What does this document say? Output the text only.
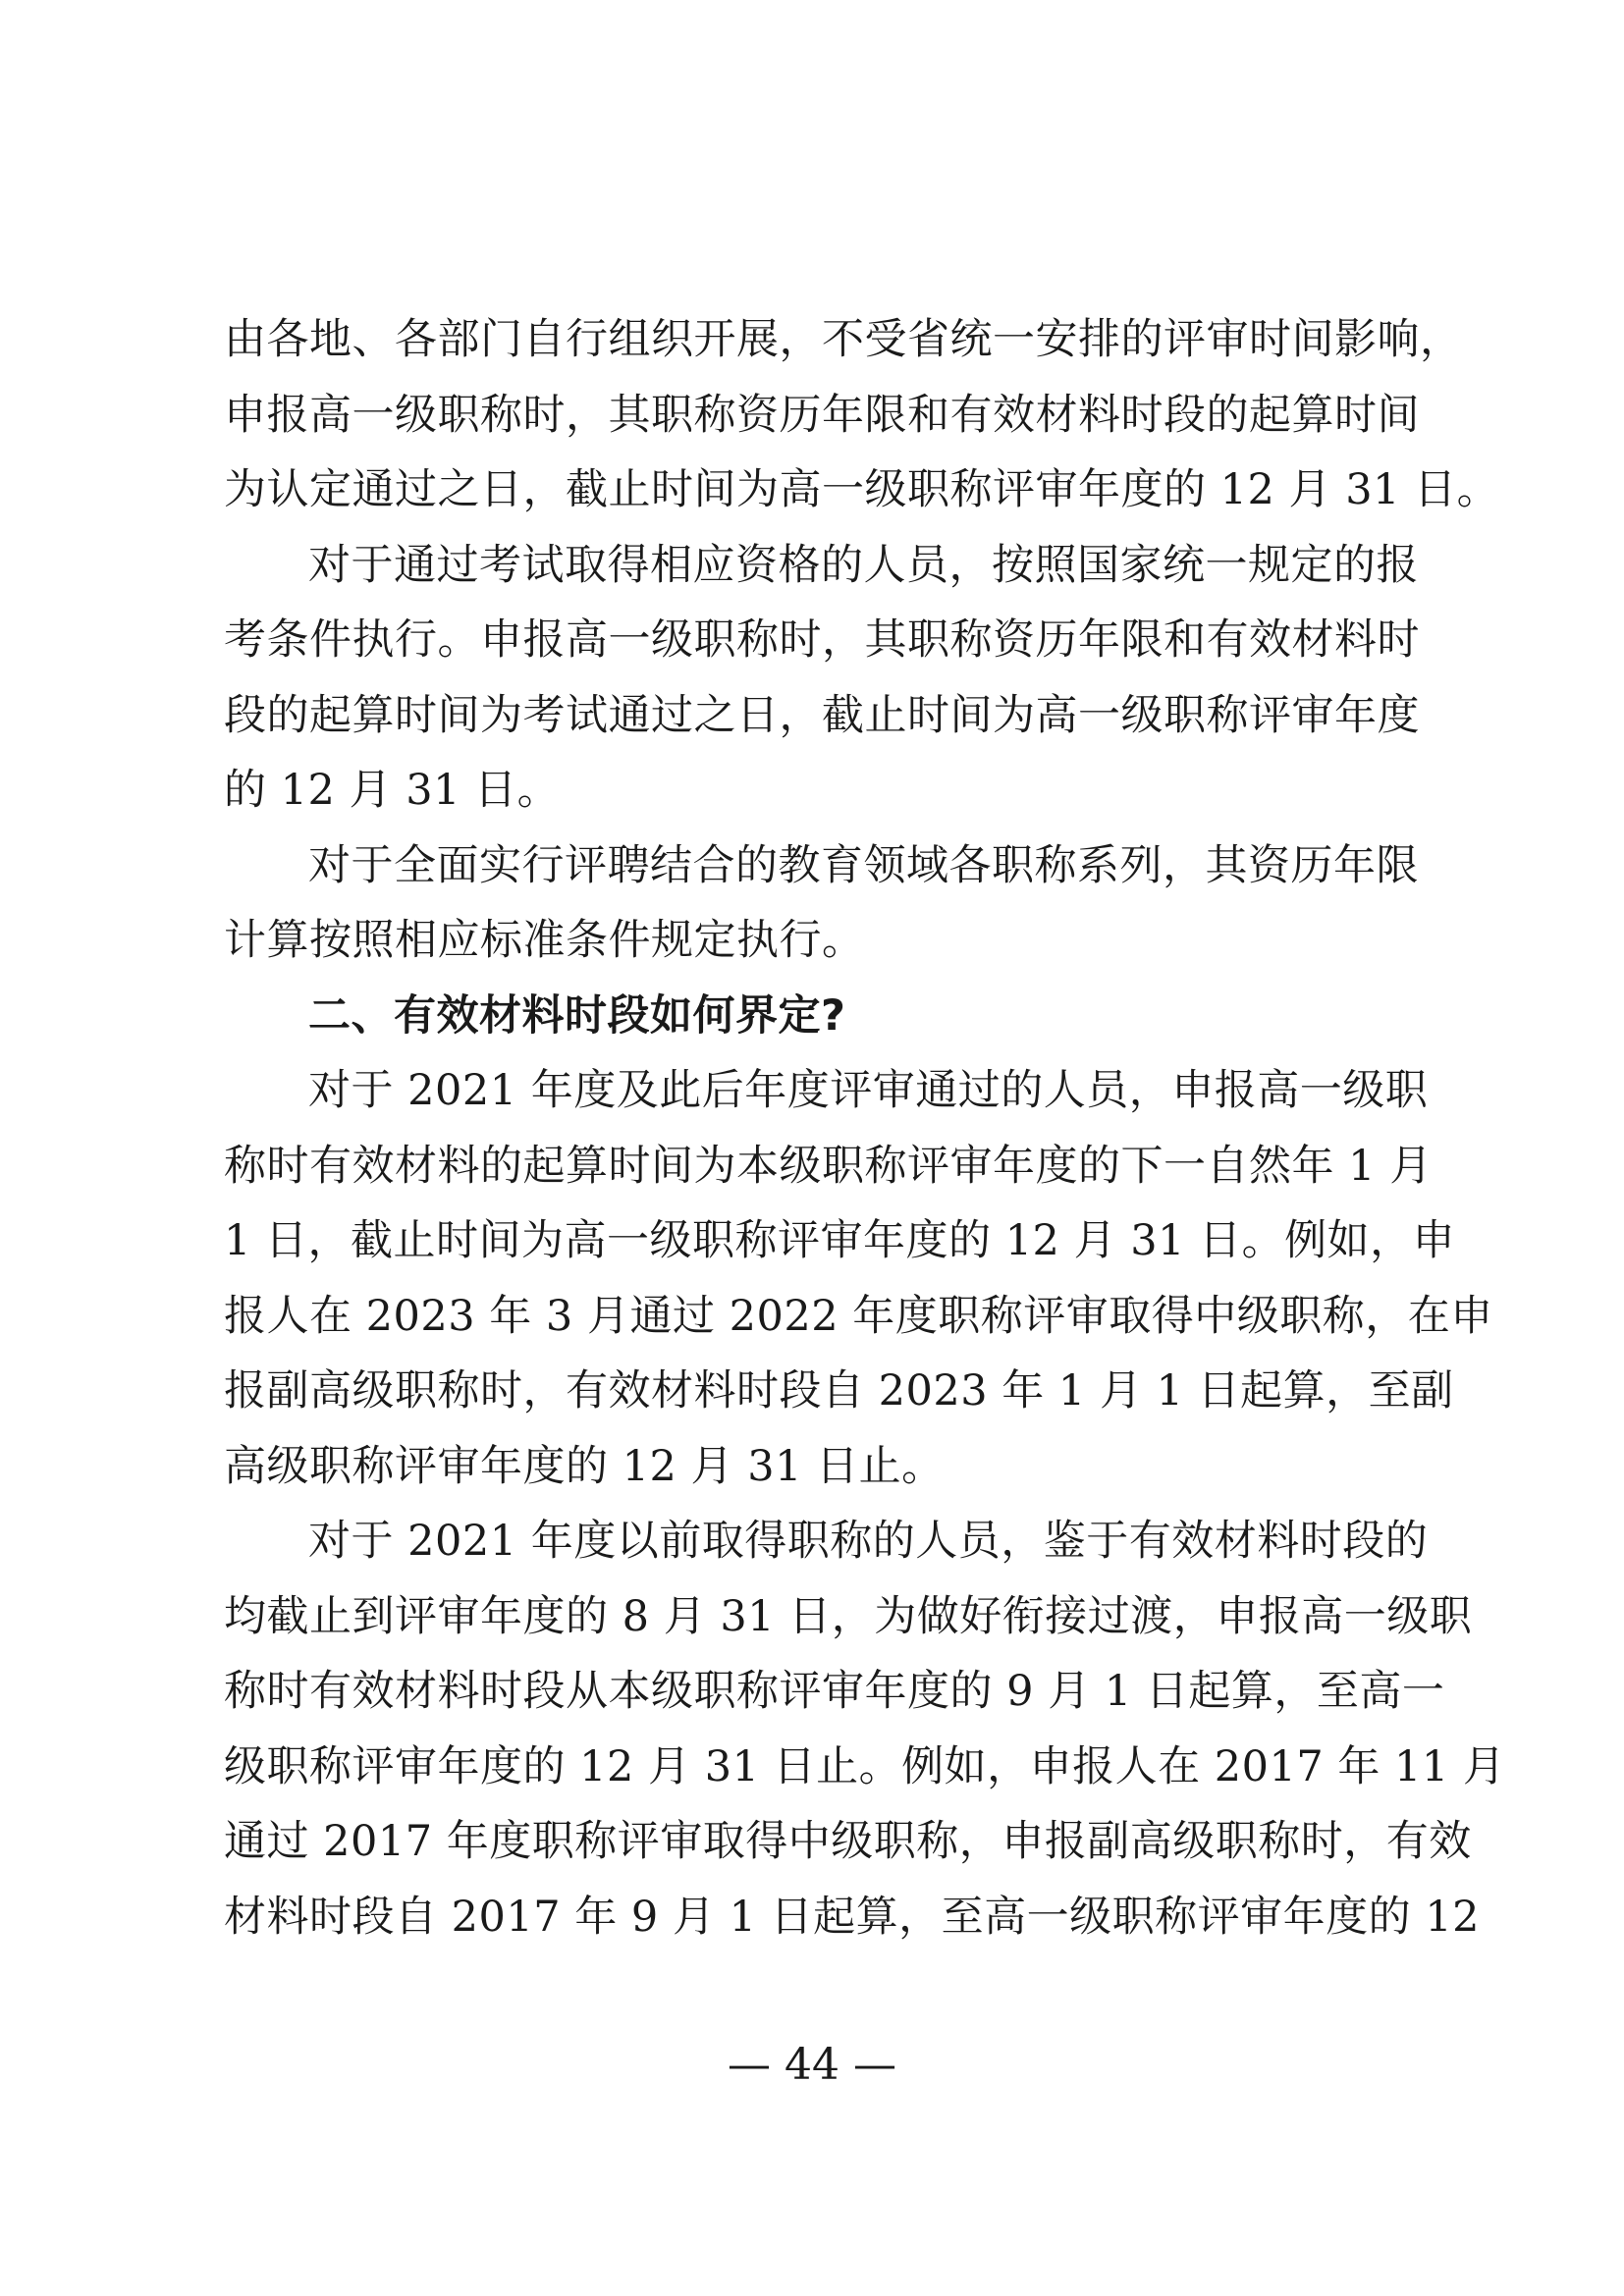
由各地、各部门自行组织开展，不受省统一安排的评审时间影响，
申报高一级职称时，其职称资历年限和有效材料时段的起算时间
为认定通过之日，截止时间为高一级职称评审年度的 12 月 31 日。
对于通过考试取得相应资格的人员，按照国家统一规定的报
考条件执行。申报高一级职称时，其职称资历年限和有效材料时
段的起算时间为考试通过之日，截止时间为高一级职称评审年度
的 12 月 31 日。
对于全面实行评聘结合的教育领域各职称系列，其资历年限
计算按照相应标准条件规定执行。
二、有效材料时段如何界定?
对于 2021 年度及此后年度评审通过的人员，申报高一级职
称时有效材料的起算时间为本级职称评审年度的下一自然年 1 月
1 日，截止时间为高一级职称评审年度的 12 月 31 日。例如，申
报人在 2023 年 3 月通过 2022 年度职称评审取得中级职称，在申
报副高级职称时，有效材料时段自 2023 年 1 月 1 日起算，至副
高级职称评审年度的 12 月 31 日止。
对于 2021 年度以前取得职称的人员，鉴于有效材料时段的
均截止到评审年度的 8 月 31 日，为做好衔接过渡，申报高一级职
称时有效材料时段从本级职称评审年度的 9 月 1 日起算，至高一
级职称评审年度的 12 月 31 日止。例如，申报人在 2017 年 11 月
通过 2017 年度职称评审取得中级职称，申报副高级职称时，有效
材料时段自 2017 年 9 月 1 日起算，至高一级职称评审年度的 12
— 44 —
